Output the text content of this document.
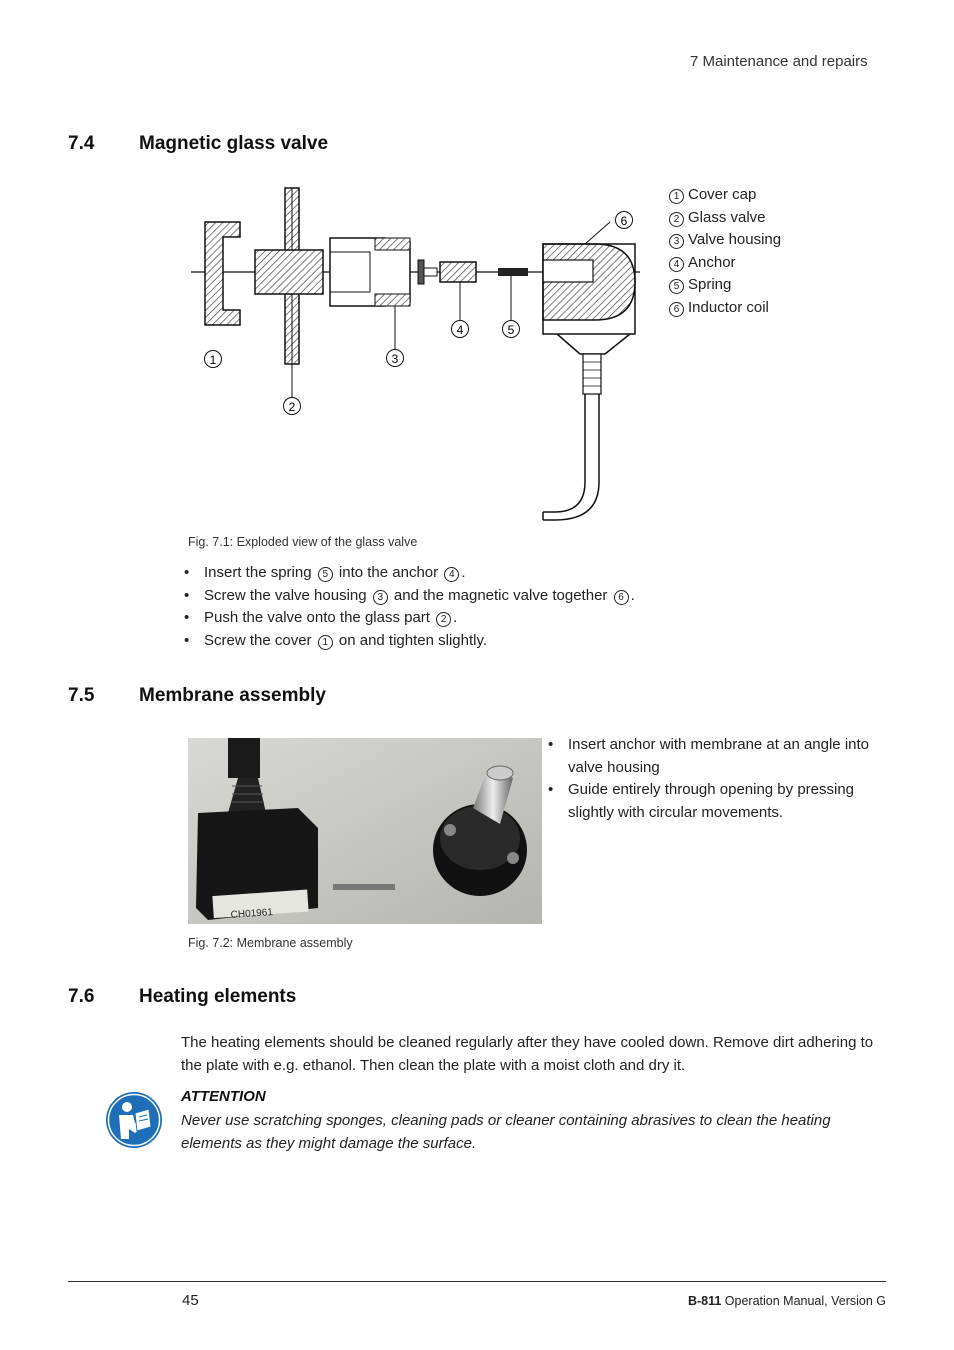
7 Maintenance and repairs
7.4 Magnetic glass valve
1
2
3
4	5
6
1 Cover cap
2 Glass valve
3 Valve housing
4 Anchor
5 Spring
6 Inductor coil
Fig. 7.1: Exploded view of the glass valve
• Insert the spring 5 into the anchor 4 .
• Screw the valve housing 3 and the magnetic valve together 6 .
• Push the valve onto the glass part 2 .
• Screw the cover 1 on and tighten slightly.
7.5 Membrane assembly
CH01961
• Insert anchor with membrane at an angle into valve housing
• Guide entirely through opening by pressing slightly with circular movements.
Fig. 7.2: Membrane assembly
7.6 Heating elements
The heating elements should be cleaned regularly after they have cooled down. Remove dirt adhering to the plate with e.g. ethanol. Then clean the plate with a moist cloth and dry it.
ATTENTION
Never use scratching sponges, cleaning pads or cleaner containing abrasives to clean the heating elements as they might damage the surface.
45	B-811 Operation Manual, Version G
